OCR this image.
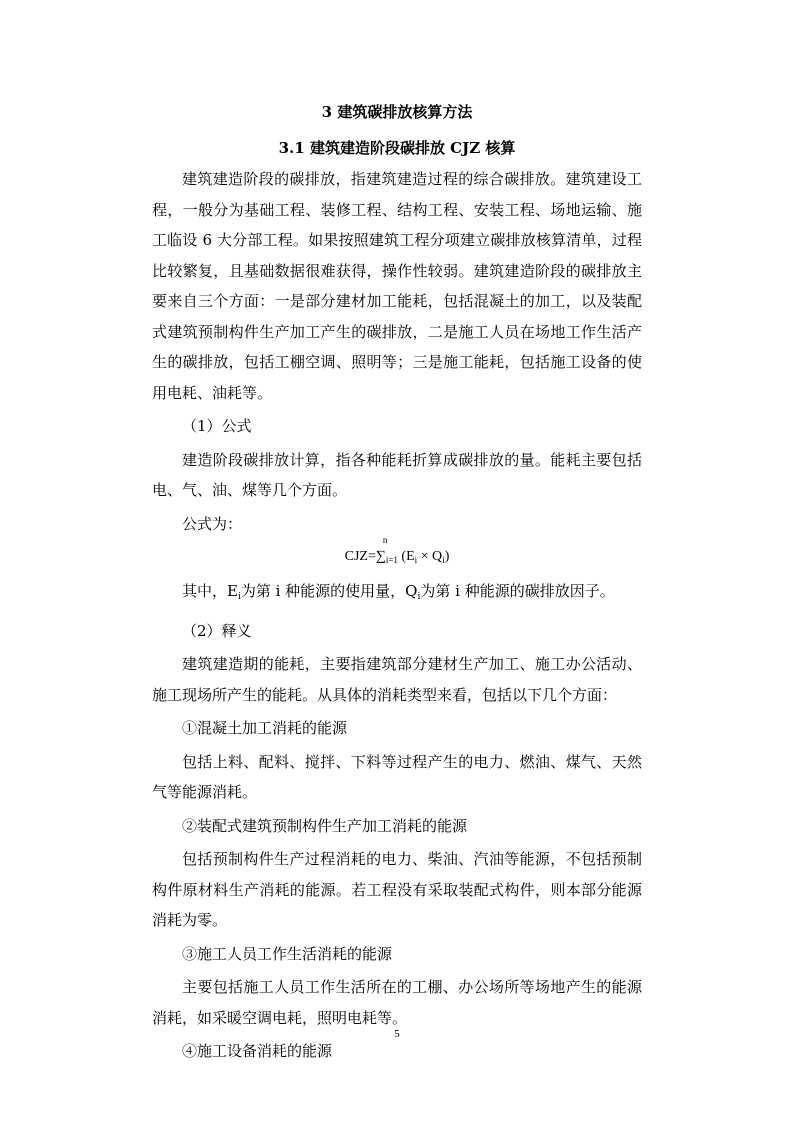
3 建筑碳排放核算方法
3.1 建筑建造阶段碳排放 CJZ 核算

建筑建造阶段的碳排放，指建筑建造过程的综合碳排放。建筑建设工程，一般分为基础工程、装修工程、结构工程、安装工程、场地运输、施工临设 6 大分部工程。如果按照建筑工程分项建立碳排放核算清单，过程比较繁复，且基础数据很难获得，操作性较弱。建筑建造阶段的碳排放主要来自三个方面：一是部分建材加工能耗，包括混凝土的加工，以及装配式建筑预制构件生产加工产生的碳排放，二是施工人员在场地工作生活产生的碳排放，包括工棚空调、照明等；三是施工能耗，包括施工设备的使用电耗、油耗等。

（1）公式

建造阶段碳排放计算，指各种能耗折算成碳排放的量。能耗主要包括电、气、油、煤等几个方面。

公式为：

CJZ=∑
n
$_{i=1}$ $(E_i \times Q_i)$

其中，$E_i$为第 i 种能源的使用量，$Q_i$为第 i 种能源的碳排放因子。

（2）释义

建筑建造期的能耗，主要指建筑部分建材生产加工、施工办公活动、施工现场所产生的能耗。从具体的消耗类型来看，包括以下几个方面：

①混凝土加工消耗的能源

包括上料、配料、搅拌、下料等过程产生的电力、燃油、煤气、天然气等能源消耗。

②装配式建筑预制构件生产加工消耗的能源

包括预制构件生产过程消耗的电力、柴油、汽油等能源，不包括预制构件原材料生产消耗的能源。若工程没有采取装配式构件，则本部分能源消耗为零。

③施工人员工作生活消耗的能源

主要包括施工人员工作生活所在的工棚、办公场所等场地产生的能源消耗，如采暖空调电耗，照明电耗等。

④施工设备消耗的能源

5
